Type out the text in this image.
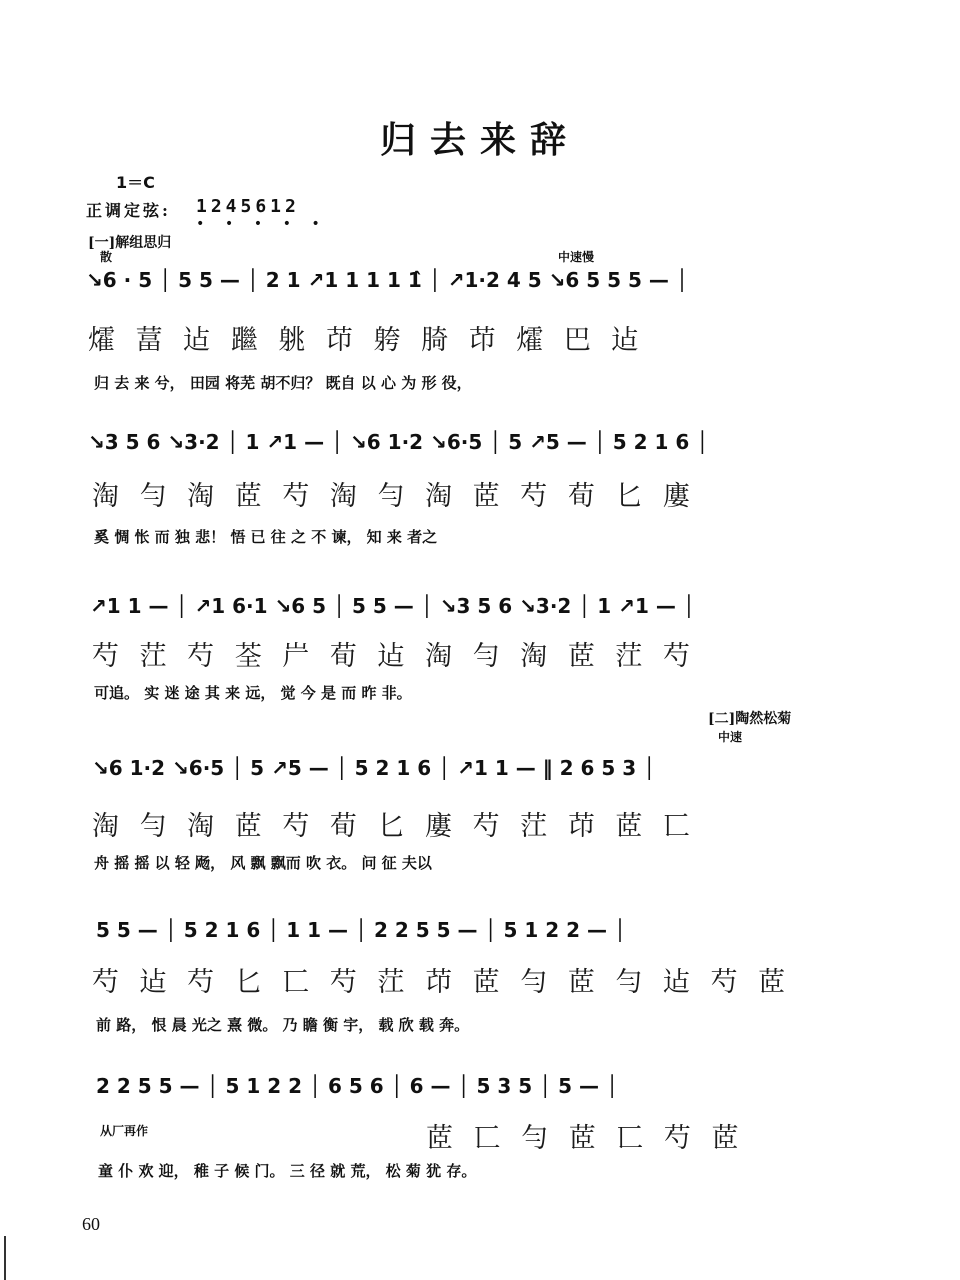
归去来辞
1＝C
正调定弦: 1245612
• • • • •
[一]解组思归
散	中速慢
↘6 · 5 │ 5 5 — │ 2 1 ↗1 1 1 1 1̂ │ ↗1·2 4 5 ↘6 5 5 5 — │
㸌 葍 迠 䠪 䠷 䒢 䠸 䐀 䒢 㸌 巴 迠
归 去 来 兮， 田园 将芜 胡不归？ 既自 以 心 为 形 役，
↘3 5 6 ↘3·2 │ 1 ↗1 — │ ↘6 1·2 ↘6·5 │ 5 ↗5 — │ 5 2 1 6 │
淘 勻 淘 茝 芍 淘 勻 淘 茝 芍 荀 匕 廔
奚 惆 怅 而 独 悲！ 悟 已 往 之 不 谏， 知 来 者之
↗1 1 — │ ↗1 6·1 ↘6 5 │ 5 5 — │ ↘3 5 6 ↘3·2 │ 1 ↗1 — │
芍 茳 芍 荃 屵 荀 迠 淘 勻 淘 茝 茳 芍
可追。 实 迷 途 其 来 远， 觉 今 是 而 昨 非。
[二]陶然松菊
中速
↘6 1·2 ↘6·5 │ 5 ↗5 — │ 5 2 1 6 │ ↗1 1 — ‖ 2 6 5 3 │
淘 勻 淘 茝 芍 荀 匕 廔 芍 茳 䒢 茝 匸
舟 摇 摇 以 轻 飏， 风 飘 飘而 吹 衣。 问 征 夫以
5 5 — │ 5 2 1 6 │ 1 1 — │ 2 2 5 5 — │ 5 1 2 2 — │
芍 迠 芍 匕 匸 芍 茳 䒢 茝 勻 茝 勻 迠 芍 茝
前 路， 恨 晨 光之 熹 微。 乃 瞻 衡 宇， 载 欣 载 奔。
2 2 5 5 — │ 5 1 2 2 │ 6 5 6 │ 6 — │ 5 3 5 │ 5 — │
从厂再作	茝 匸 勻 茝 匸 芍 茝
童 仆 欢 迎， 稚 子 候 门。 三 径 就 荒， 松 菊 犹 存。
60
